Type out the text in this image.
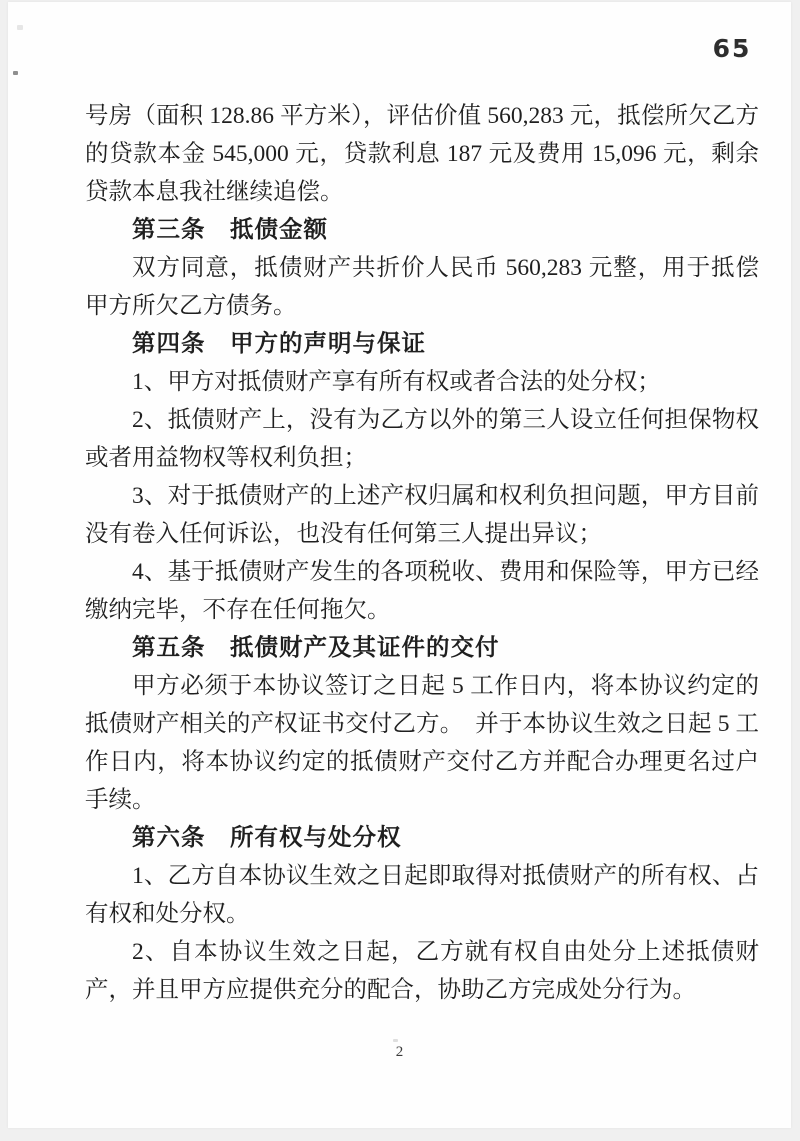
65

号房（面积 128.86 平方米），评估价值 560,283 元，抵偿所欠乙方的贷款本金 545,000 元，贷款利息 187 元及费用 15,096 元，剩余贷款本息我社继续追偿。

第三条　抵债金额

双方同意，抵债财产共折价人民币 560,283 元整，用于抵偿甲方所欠乙方债务。

第四条　甲方的声明与保证

1、甲方对抵债财产享有所有权或者合法的处分权；

2、抵债财产上，没有为乙方以外的第三人设立任何担保物权或者用益物权等权利负担；

3、对于抵债财产的上述产权归属和权利负担问题，甲方目前没有卷入任何诉讼，也没有任何第三人提出异议；

4、基于抵债财产发生的各项税收、费用和保险等，甲方已经缴纳完毕，不存在任何拖欠。

第五条　抵债财产及其证件的交付

甲方必须于本协议签订之日起 5 工作日内，将本协议约定的抵债财产相关的产权证书交付乙方。　并于本协议生效之日起 5 工作日内，将本协议约定的抵债财产交付乙方并配合办理更名过户手续。

第六条　所有权与处分权

1、乙方自本协议生效之日起即取得对抵债财产的所有权、占有权和处分权。

2、自本协议生效之日起，乙方就有权自由处分上述抵债财产，并且甲方应提供充分的配合，协助乙方完成处分行为。

2
